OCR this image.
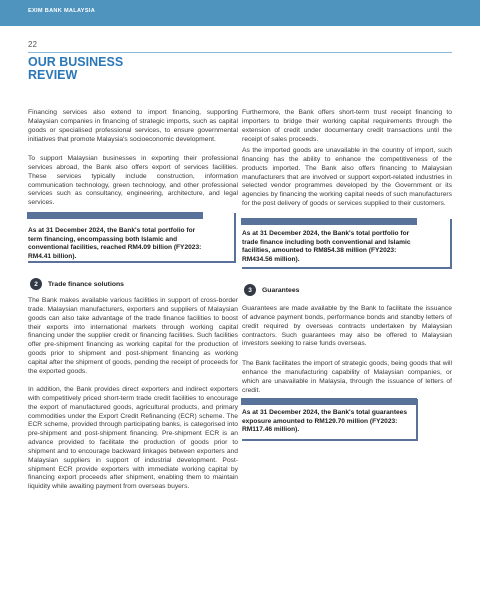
EXIM BANK MALAYSIA
22
OUR BUSINESS
REVIEW

Financing services also extend to import financing, supporting Malaysian companies in financing of strategic imports, such as capital goods or specialised professional services, to ensure governmental initiatives that promote Malaysia's socioeconomic development.

To support Malaysian businesses in exporting their professional services abroad, the Bank also offers export of services facilities. These services typically include construction, information communication technology, green technology, and other professional services such as consultancy, engineering, architecture, and legal services.

As at 31 December 2024, the Bank's total portfolio for term financing, encompassing both Islamic and conventional facilities, reached RM4.09 billion (FY2023: RM4.41 billion).
2	Trade finance solutions

The Bank makes available various facilities in support of cross-border trade. Malaysian manufacturers, exporters and suppliers of Malaysian goods can also take advantage of the trade finance facilities to boost their exports into international markets through working capital financing under the supplier credit or financing facilities. Such facilities offer pre-shipment financing as working capital for the production of goods prior to shipment and post-shipment financing as working capital after the shipment of goods, pending the receipt of proceeds for the exported goods.

In addition, the Bank provides direct exporters and indirect exporters with competitively priced short-term trade credit facilities to encourage the export of manufactured goods, agricultural products, and primary commodities under the Export Credit Refinancing (ECR) scheme. The ECR scheme, provided through participating banks, is categorised into pre-shipment and post-shipment financing. Pre-shipment ECR is an advance provided to facilitate the production of goods prior to shipment and to encourage backward linkages between exporters and Malaysian suppliers in support of industrial development. Post-shipment ECR provide exporters with immediate working capital by financing export proceeds after shipment, enabling them to maintain liquidity while awaiting payment from overseas buyers.

Furthermore, the Bank offers short-term trust receipt financing to importers to bridge their working capital requirements through the extension of credit under documentary credit transactions until the receipt of sales proceeds.

As the imported goods are unavailable in the country of import, such financing has the ability to enhance the competitiveness of the products imported. The Bank also offers financing to Malaysian manufacturers that are involved or support export-related industries in selected vendor programmes developed by the Government or its agencies by financing the working capital needs of such manufacturers for the post delivery of goods or services supplied to their customers.

As at 31 December 2024, the Bank's total portfolio for trade finance including both conventional and Islamic facilities, amounted to RM854.38 million (FY2023: RM434.56 million).
3	Guarantees

Guarantees are made available by the Bank to facilitate the issuance of advance payment bonds, performance bonds and standby letters of credit required by overseas contracts undertaken by Malaysian contractors. Such guarantees may also be offered to Malaysian investors seeking to raise funds overseas.

The Bank facilitates the import of strategic goods, being goods that will enhance the manufacturing capability of Malaysian companies, or which are unavailable in Malaysia, through the issuance of letters of credit.

As at 31 December 2024, the Bank's total guarantees exposure amounted to RM129.70 million (FY2023: RM117.46 million).
